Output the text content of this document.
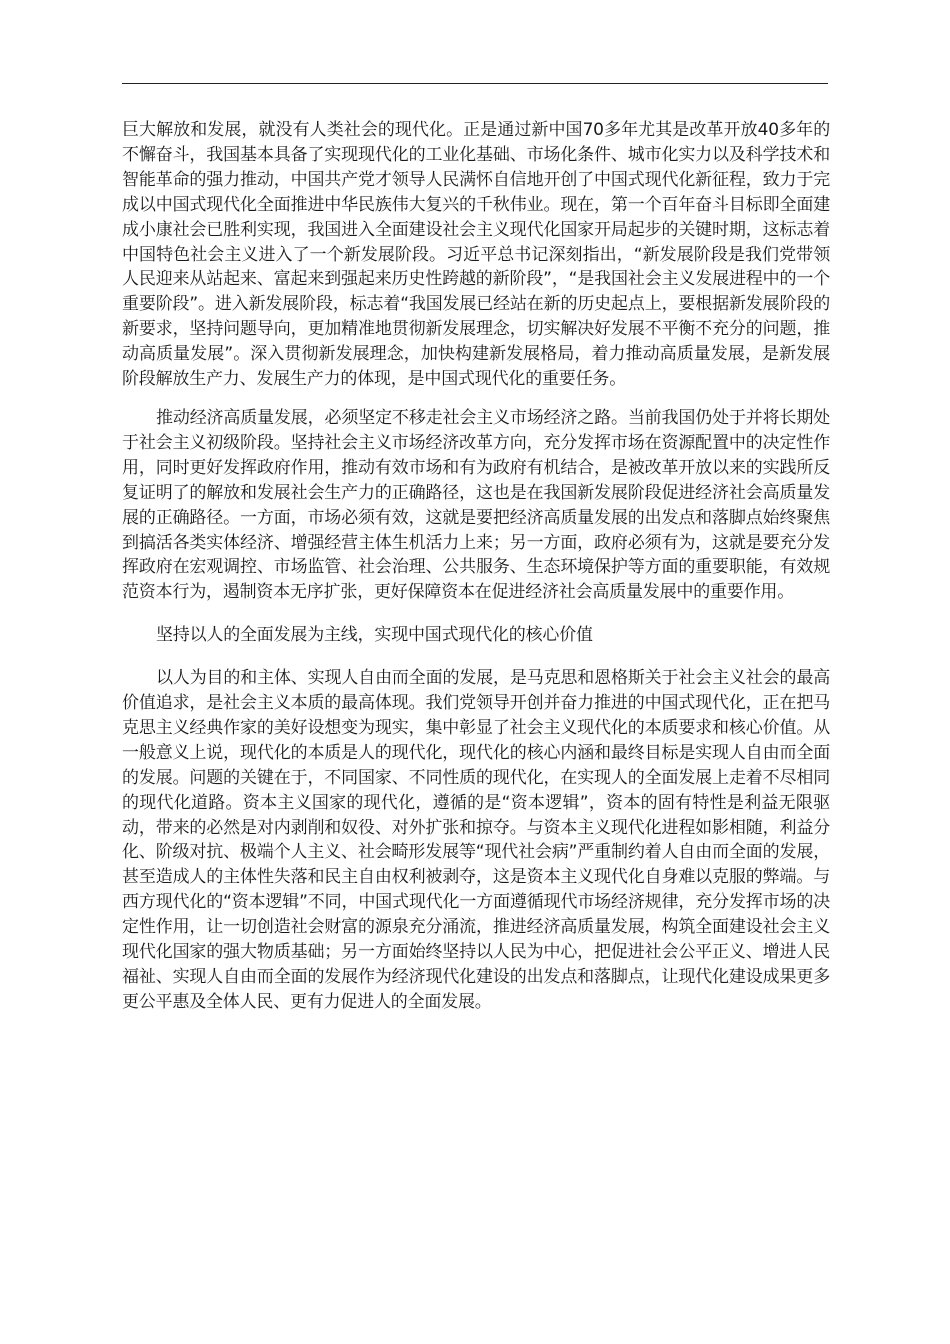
巨大解放和发展，就没有人类社会的现代化。正是通过新中国70多年尤其是改革开放40多年的不懈奋斗，我国基本具备了实现现代化的工业化基础、市场化条件、城市化实力以及科学技术和智能革命的强力推动，中国共产党才领导人民满怀自信地开创了中国式现代化新征程，致力于完成以中国式现代化全面推进中华民族伟大复兴的千秋伟业。现在，第一个百年奋斗目标即全面建成小康社会已胜利实现，我国进入全面建设社会主义现代化国家开局起步的关键时期，这标志着中国特色社会主义进入了一个新发展阶段。习近平总书记深刻指出，“新发展阶段是我们党带领人民迎来从站起来、富起来到强起来历史性跨越的新阶段”，“是我国社会主义发展进程中的一个重要阶段”。进入新发展阶段，标志着“我国发展已经站在新的历史起点上，要根据新发展阶段的新要求，坚持问题导向，更加精准地贯彻新发展理念，切实解决好发展不平衡不充分的问题，推动高质量发展”。深入贯彻新发展理念，加快构建新发展格局，着力推动高质量发展，是新发展阶段解放生产力、发展生产力的体现，是中国式现代化的重要任务。

推动经济高质量发展，必须坚定不移走社会主义市场经济之路。当前我国仍处于并将长期处于社会主义初级阶段。坚持社会主义市场经济改革方向，充分发挥市场在资源配置中的决定性作用，同时更好发挥政府作用，推动有效市场和有为政府有机结合，是被改革开放以来的实践所反复证明了的解放和发展社会生产力的正确路径，这也是在我国新发展阶段促进经济社会高质量发展的正确路径。一方面，市场必须有效，这就是要把经济高质量发展的出发点和落脚点始终聚焦到搞活各类实体经济、增强经营主体生机活力上来；另一方面，政府必须有为，这就是要充分发挥政府在宏观调控、市场监管、社会治理、公共服务、生态环境保护等方面的重要职能，有效规范资本行为，遏制资本无序扩张，更好保障资本在促进经济社会高质量发展中的重要作用。

坚持以人的全面发展为主线，实现中国式现代化的核心价值

以人为目的和主体、实现人自由而全面的发展，是马克思和恩格斯关于社会主义社会的最高价值追求，是社会主义本质的最高体现。我们党领导开创并奋力推进的中国式现代化，正在把马克思主义经典作家的美好设想变为现实，集中彰显了社会主义现代化的本质要求和核心价值。从一般意义上说，现代化的本质是人的现代化，现代化的核心内涵和最终目标是实现人自由而全面的发展。问题的关键在于，不同国家、不同性质的现代化，在实现人的全面发展上走着不尽相同的现代化道路。资本主义国家的现代化，遵循的是“资本逻辑”，资本的固有特性是利益无限驱动，带来的必然是对内剥削和奴役、对外扩张和掠夺。与资本主义现代化进程如影相随，利益分化、阶级对抗、极端个人主义、社会畸形发展等“现代社会病”严重制约着人自由而全面的发展，甚至造成人的主体性失落和民主自由权利被剥夺，这是资本主义现代化自身难以克服的弊端。与西方现代化的“资本逻辑”不同，中国式现代化一方面遵循现代市场经济规律，充分发挥市场的决定性作用，让一切创造社会财富的源泉充分涌流，推进经济高质量发展，构筑全面建设社会主义现代化国家的强大物质基础；另一方面始终坚持以人民为中心，把促进社会公平正义、增进人民福祉、实现人自由而全面的发展作为经济现代化建设的出发点和落脚点，让现代化建设成果更多更公平惠及全体人民、更有力促进人的全面发展。
